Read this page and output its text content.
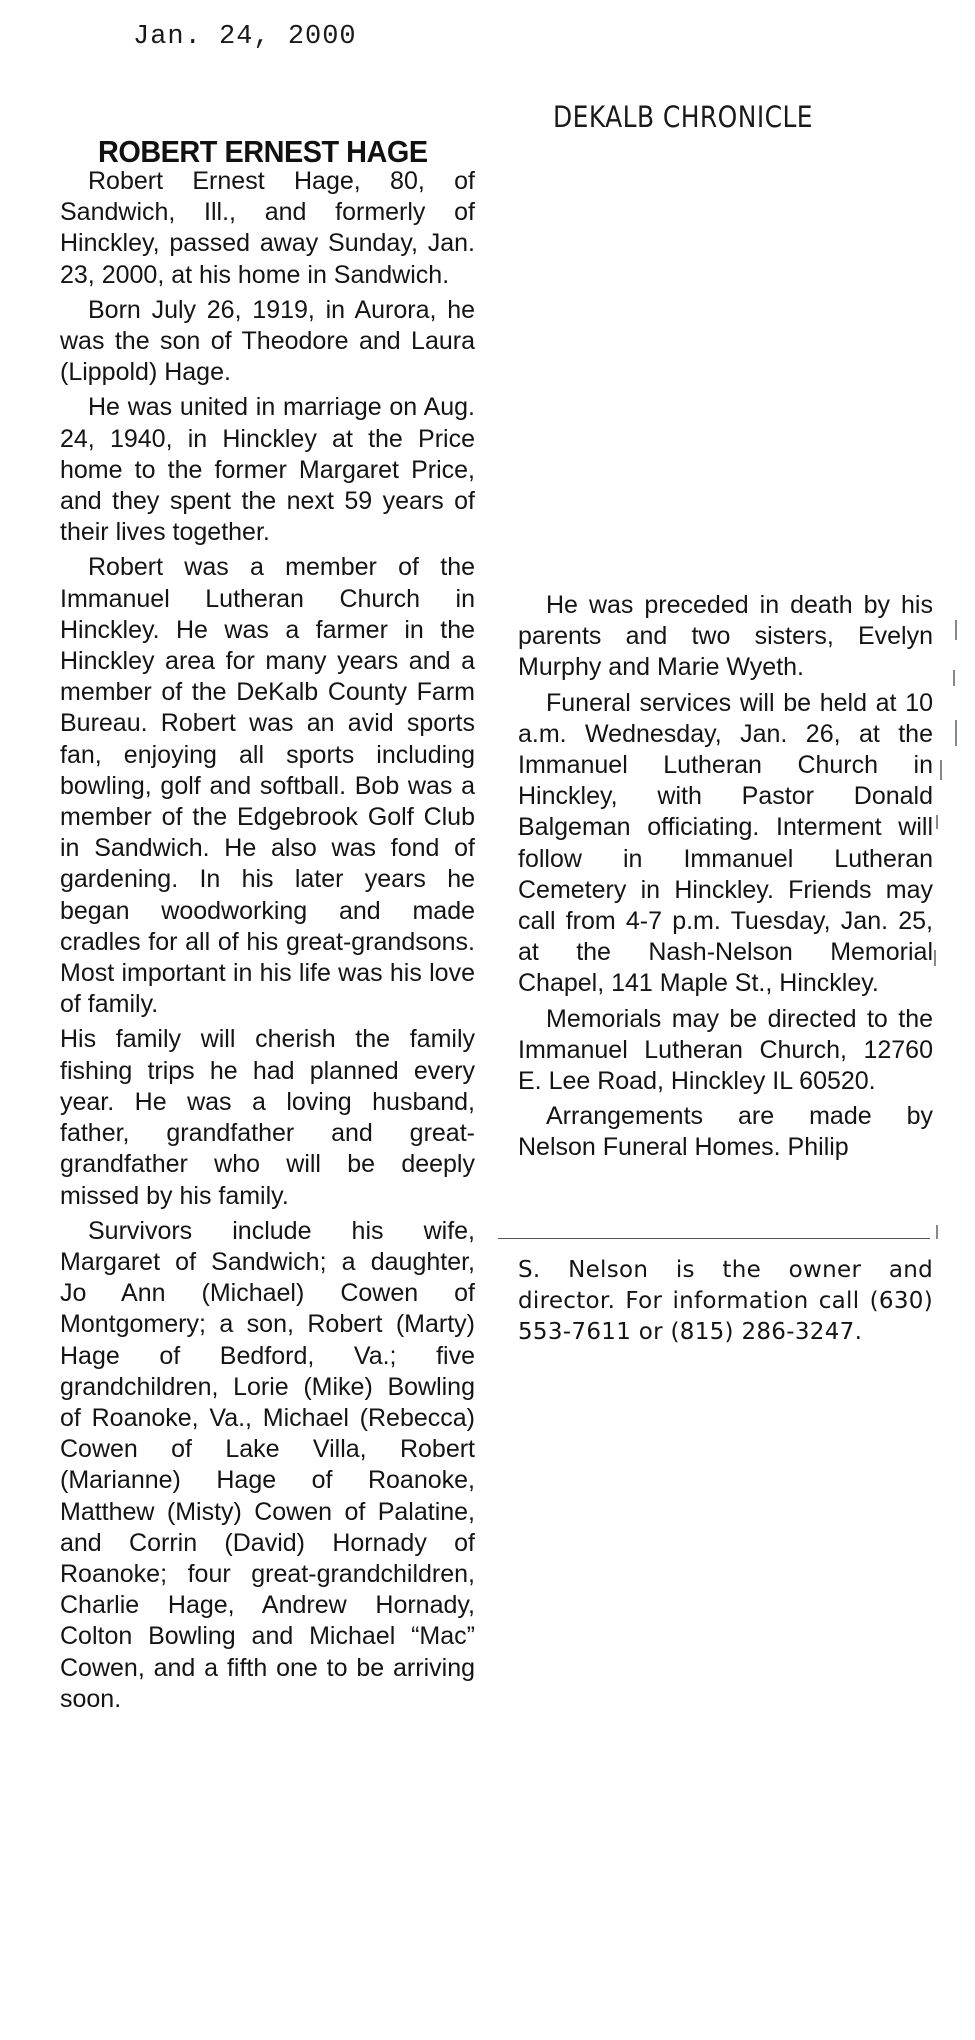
Jan. 24, 2000
DEKALB CHRONICLE
ROBERT ERNEST HAGE

Robert Ernest Hage, 80, of Sandwich, Ill., and formerly of Hinckley, passed away Sunday, Jan. 23, 2000, at his home in Sandwich.

Born July 26, 1919, in Aurora, he was the son of Theodore and Laura (Lippold) Hage.

He was united in marriage on Aug. 24, 1940, in Hinckley at the Price home to the former Margaret Price, and they spent the next 59 years of their lives together.

Robert was a member of the Immanuel Lutheran Church in Hinckley. He was a farmer in the Hinckley area for many years and a member of the DeKalb County Farm Bureau. Robert was an avid sports fan, enjoying all sports including bowling, golf and softball. Bob was a member of the Edgebrook Golf Club in Sandwich. He also was fond of gardening. In his later years he began woodworking and made cradles for all of his great-grandsons. Most important in his life was his love of family.

His family will cherish the family fishing trips he had planned every year. He was a loving husband, father, grandfather and great-grandfather who will be deeply missed by his family.

Survivors include his wife, Margaret of Sandwich; a daughter, Jo Ann (Michael) Cowen of Montgomery; a son, Robert (Marty) Hage of Bedford, Va.; five grandchildren, Lorie (Mike) Bowling of Roanoke, Va., Michael (Rebecca) Cowen of Lake Villa, Robert (Marianne) Hage of Roanoke, Matthew (Misty) Cowen of Palatine, and Corrin (David) Hornady of Roanoke; four great-grandchildren, Charlie Hage, Andrew Hornady, Colton Bowling and Michael “Mac” Cowen, and a fifth one to be arriving soon.

He was preceded in death by his parents and two sisters, Evelyn Murphy and Marie Wyeth.

Funeral services will be held at 10 a.m. Wednesday, Jan. 26, at the Immanuel Lutheran Church in Hinckley, with Pastor Donald Balgeman officiating. Interment will follow in Immanuel Lutheran Cemetery in Hinckley. Friends may call from 4-7 p.m. Tuesday, Jan. 25, at the Nash-Nelson Memorial Chapel, 141 Maple St., Hinckley.

Memorials may be directed to the Immanuel Lutheran Church, 12760 E. Lee Road, Hinckley IL 60520.

Arrangements are made by Nelson Funeral Homes. Philip

S. Nelson is the owner and director. For information call (630) 553-7611 or (815) 286-3247.
